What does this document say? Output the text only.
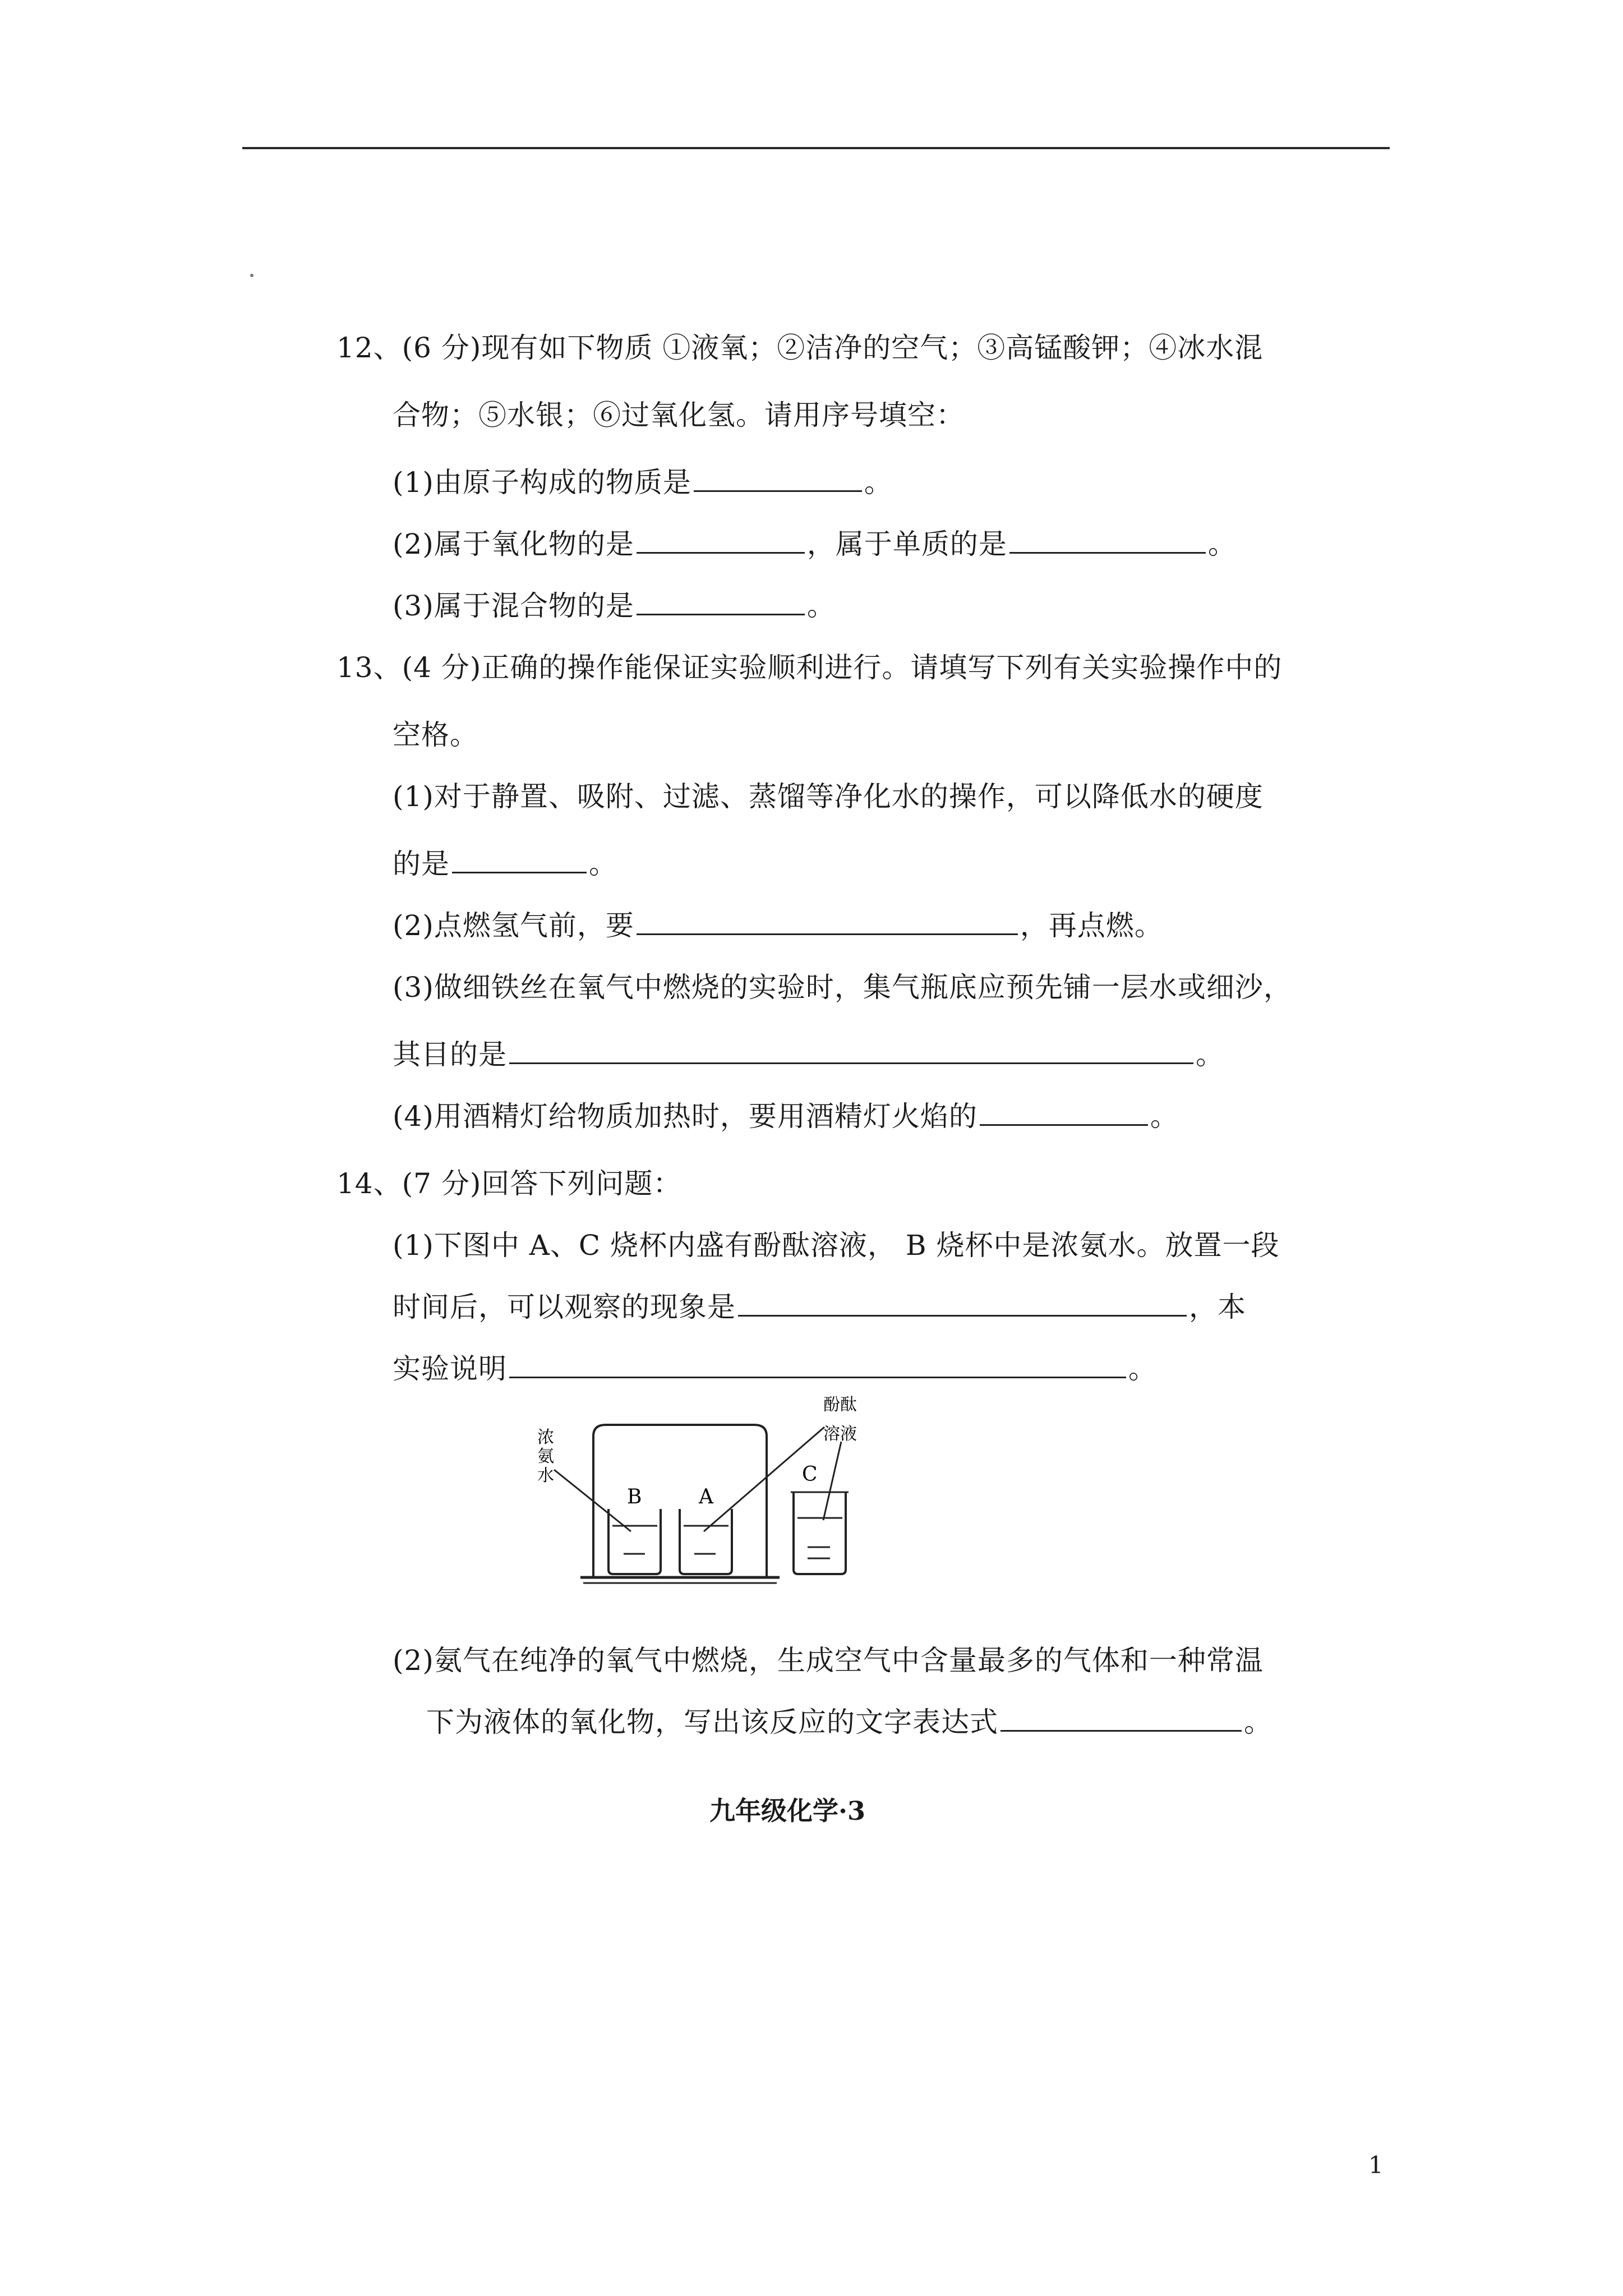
12、(6 分)现有如下物质 ①液氧；②洁净的空气；③高锰酸钾；④冰水混
合物；⑤水银；⑥过氧化氢。请用序号填空：
(1)由原子构成的物质是	。
(2)属于氧化物的是	，属于单质的是	。
(3)属于混合物的是	。
13、(4 分)正确的操作能保证实验顺利进行。请填写下列有关实验操作中的
空格。
(1)对于静置、吸附、过滤、蒸馏等净化水的操作，可以降低水的硬度
的是	。
(2)点燃氢气前，要	，再点燃。
(3)做细铁丝在氧气中燃烧的实验时，集气瓶底应预先铺一层水或细沙，
其目的是	。
(4)用酒精灯给物质加热时，要用酒精灯火焰的	。
14、(7 分)回答下列问题：
(1)下图中 A、C 烧杯内盛有酚酞溶液， B 烧杯中是浓氨水。放置一段
时间后，可以观察的现象是	，本
实验说明	。
浓
氨
水
酚酞
溶液
B	A
C
(2)氨气在纯净的氧气中燃烧，生成空气中含量最多的气体和一种常温
下为液体的氧化物，写出该反应的文字表达式	。
九年级化学·3
1
